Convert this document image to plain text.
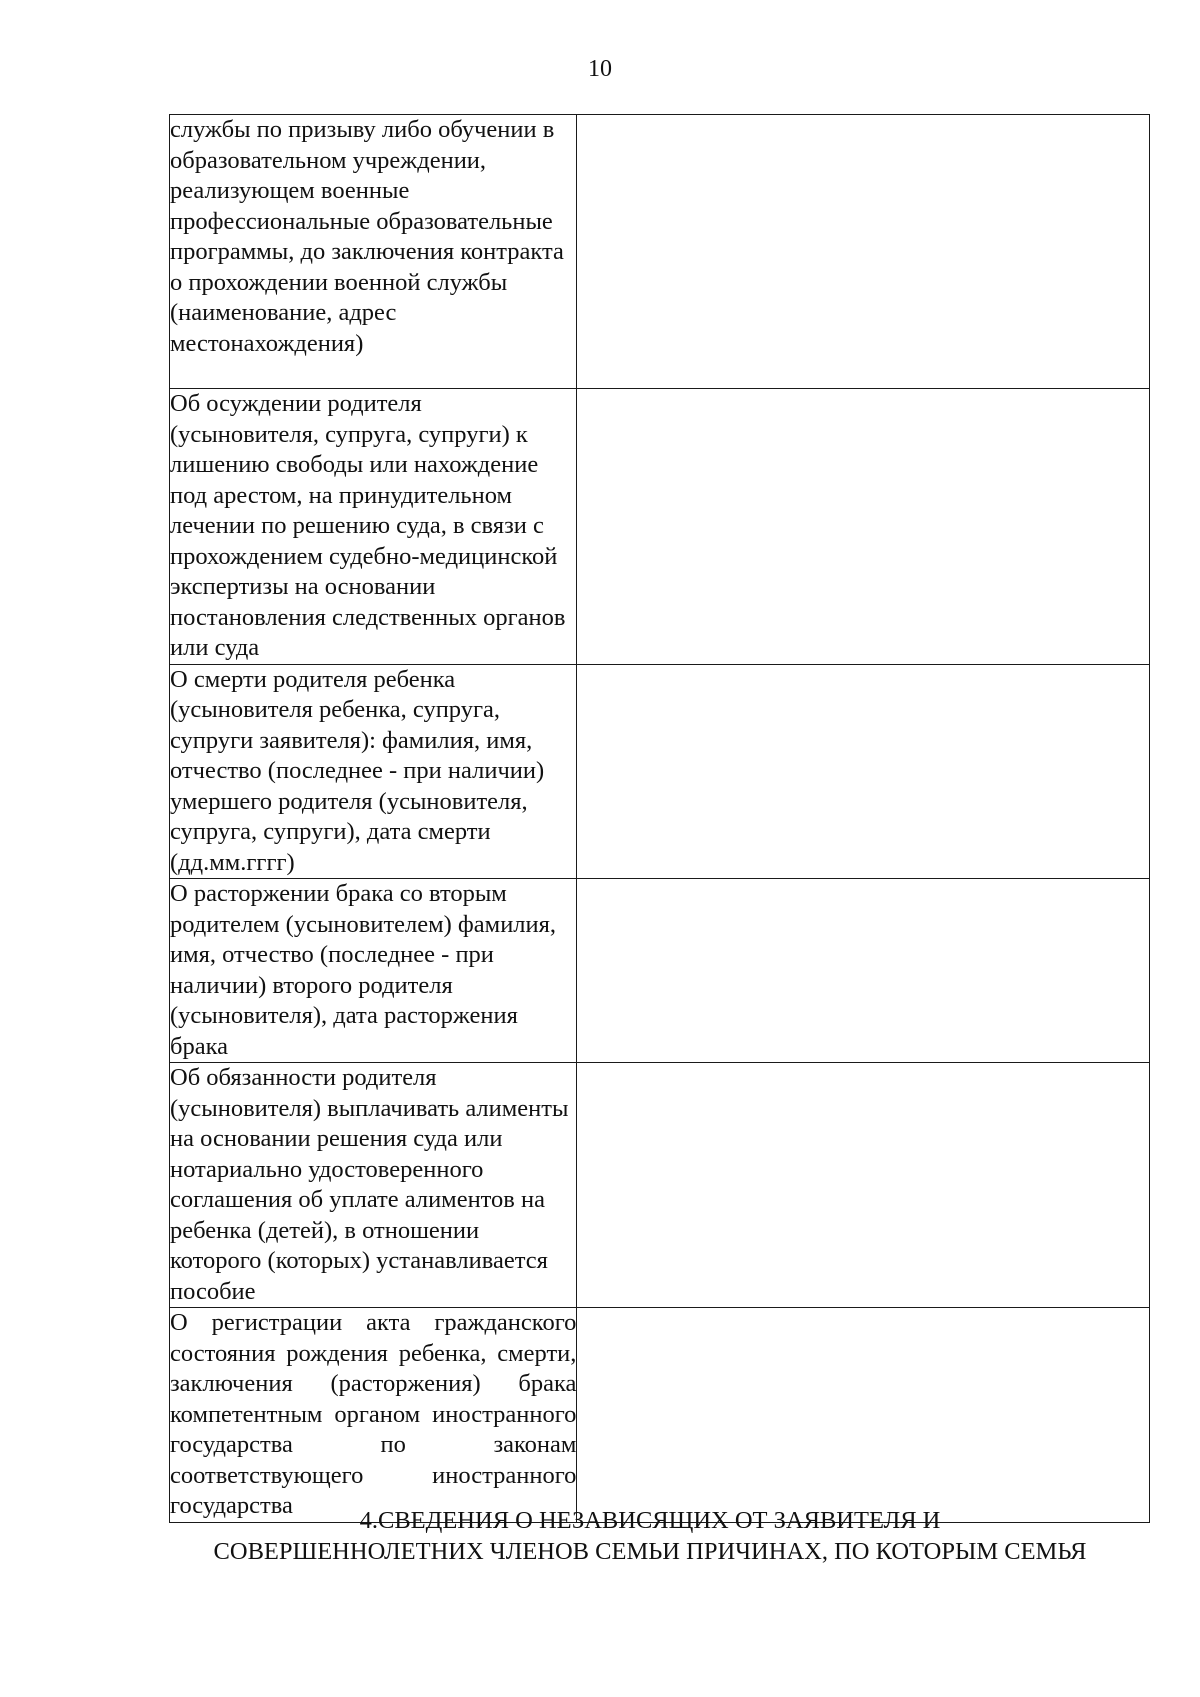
10
службы по призыву либо обучении в образовательном учреждении, реализующем военные профессиональные образовательные программы, до заключения контракта о прохождении военной службы (наименование, адрес местонахождения)	
Об осуждении родителя (усыновителя, супруга, супруги) к лишению свободы или нахождение под арестом, на принудительном лечении по решению суда, в связи с прохождением судебно-медицинской экспертизы на основании постановления следственных органов или суда	
О смерти родителя ребенка (усыновителя ребенка, супруга, супруги заявителя): фамилия, имя, отчество (последнее - при наличии) умершего родителя (усыновителя, супруга, супруги), дата смерти (дд.мм.гггг)	
О расторжении брака со вторым родителем (усыновителем) фамилия, имя, отчество (последнее - при наличии) второго родителя (усыновителя), дата расторжения брака	
Об обязанности родителя (усыновителя) выплачивать алименты на основании решения суда или нотариально удостоверенного соглашения об уплате алиментов на ребенка (детей), в отношении которого (которых) устанавливается пособие	
О регистрации акта гражданского состояния рождения ребенка, смерти, заключения (расторжения) брака компетентным органом иностранного государства по законам соответствующего иностранного государства	
4.СВЕДЕНИЯ О НЕЗАВИСЯЩИХ ОТ ЗАЯВИТЕЛЯ И
СОВЕРШЕННОЛЕТНИХ ЧЛЕНОВ СЕМЬИ ПРИЧИНАХ, ПО КОТОРЫМ СЕМЬЯ
